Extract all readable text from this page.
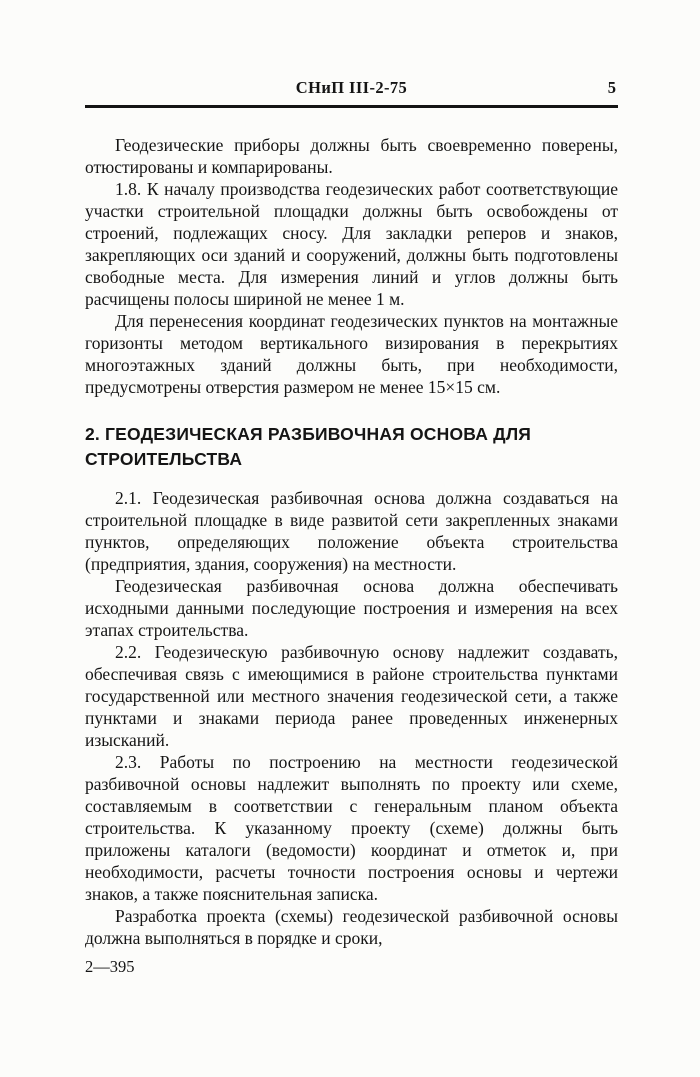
СНиП III-2-75	5

Геодезические приборы должны быть своевременно поверены, отюстированы и компарированы.

1.8. К началу производства геодезических работ соответствующие участки строительной площадки должны быть освобождены от строений, подлежащих сносу. Для закладки реперов и знаков, закрепляющих оси зданий и сооружений, должны быть подготовлены свободные места. Для измерения линий и углов должны быть расчищены полосы шириной не менее 1 м.

Для перенесения координат геодезических пунктов на монтажные горизонты методом вертикального визирования в перекрытиях многоэтажных зданий должны быть, при необходимости, предусмотрены отверстия размером не менее 15×15 см.

2. ГЕОДЕЗИЧЕСКАЯ РАЗБИВОЧНАЯ ОСНОВА ДЛЯ СТРОИТЕЛЬСТВА

2.1. Геодезическая разбивочная основа должна создаваться на строительной площадке в виде развитой сети закрепленных знаками пунктов, определяющих положение объекта строительства (предприятия, здания, сооружения) на местности.

Геодезическая разбивочная основа должна обеспечивать исходными данными последующие построения и измерения на всех этапах строительства.

2.2. Геодезическую разбивочную основу надлежит создавать, обеспечивая связь с имеющимися в районе строительства пунктами государственной или местного значения геодезической сети, а также пунктами и знаками периода ранее проведенных инженерных изысканий.

2.3. Работы по построению на местности геодезической разбивочной основы надлежит выполнять по проекту или схеме, составляемым в соответствии с генеральным планом объекта строительства. К указанному проекту (схеме) должны быть приложены каталоги (ведомости) координат и отметок и, при необходимости, расчеты точности построения основы и чертежи знаков, а также пояснительная записка.

Разработка проекта (схемы) геодезической разбивочной основы должна выполняться в порядке и сроки,

2—395
